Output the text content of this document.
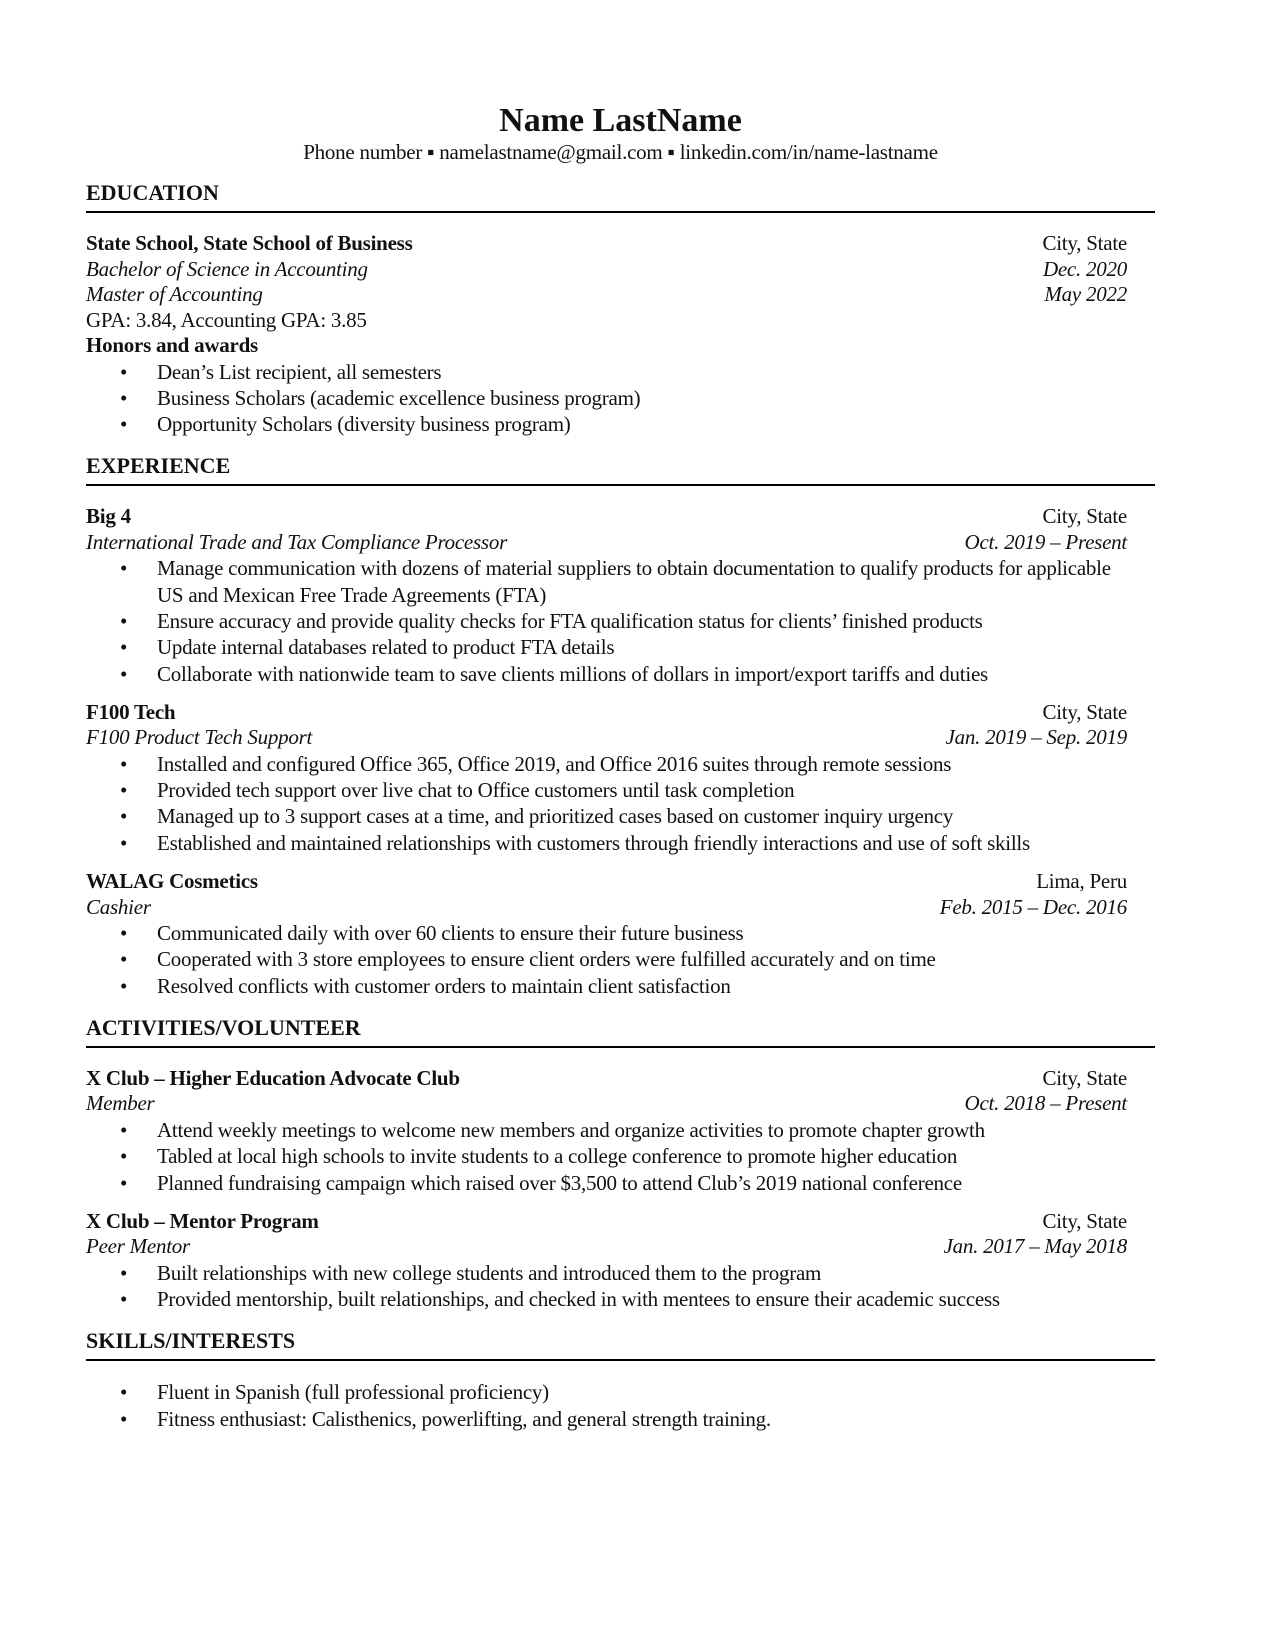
Name LastName
Phone number ▪ namelastname@gmail.com ▪ linkedin.com/in/name-lastname
EDUCATION
State School, State School of Business	City, State
Bachelor of Science in Accounting	Dec. 2020
Master of Accounting	May 2022
GPA: 3.84, Accounting GPA: 3.85
Honors and awards
• Dean’s List recipient, all semesters
• Business Scholars (academic excellence business program)
• Opportunity Scholars (diversity business program)
EXPERIENCE
Big 4	City, State
International Trade and Tax Compliance Processor	Oct. 2019 – Present
• Manage communication with dozens of material suppliers to obtain documentation to qualify products for applicable US and Mexican Free Trade Agreements (FTA)
• Ensure accuracy and provide quality checks for FTA qualification status for clients’ finished products
• Update internal databases related to product FTA details
• Collaborate with nationwide team to save clients millions of dollars in import/export tariffs and duties
F100 Tech	City, State
F100 Product Tech Support	Jan. 2019 – Sep. 2019
• Installed and configured Office 365, Office 2019, and Office 2016 suites through remote sessions
• Provided tech support over live chat to Office customers until task completion
• Managed up to 3 support cases at a time, and prioritized cases based on customer inquiry urgency
• Established and maintained relationships with customers through friendly interactions and use of soft skills
WALAG Cosmetics	Lima, Peru
Cashier	Feb. 2015 – Dec. 2016
• Communicated daily with over 60 clients to ensure their future business
• Cooperated with 3 store employees to ensure client orders were fulfilled accurately and on time
• Resolved conflicts with customer orders to maintain client satisfaction
ACTIVITIES/VOLUNTEER
X Club – Higher Education Advocate Club	City, State
Member	Oct. 2018 – Present
• Attend weekly meetings to welcome new members and organize activities to promote chapter growth
• Tabled at local high schools to invite students to a college conference to promote higher education
• Planned fundraising campaign which raised over $3,500 to attend Club’s 2019 national conference
X Club – Mentor Program	City, State
Peer Mentor	Jan. 2017 – May 2018
• Built relationships with new college students and introduced them to the program
• Provided mentorship, built relationships, and checked in with mentees to ensure their academic success
SKILLS/INTERESTS
• Fluent in Spanish (full professional proficiency)
• Fitness enthusiast: Calisthenics, powerlifting, and general strength training.
